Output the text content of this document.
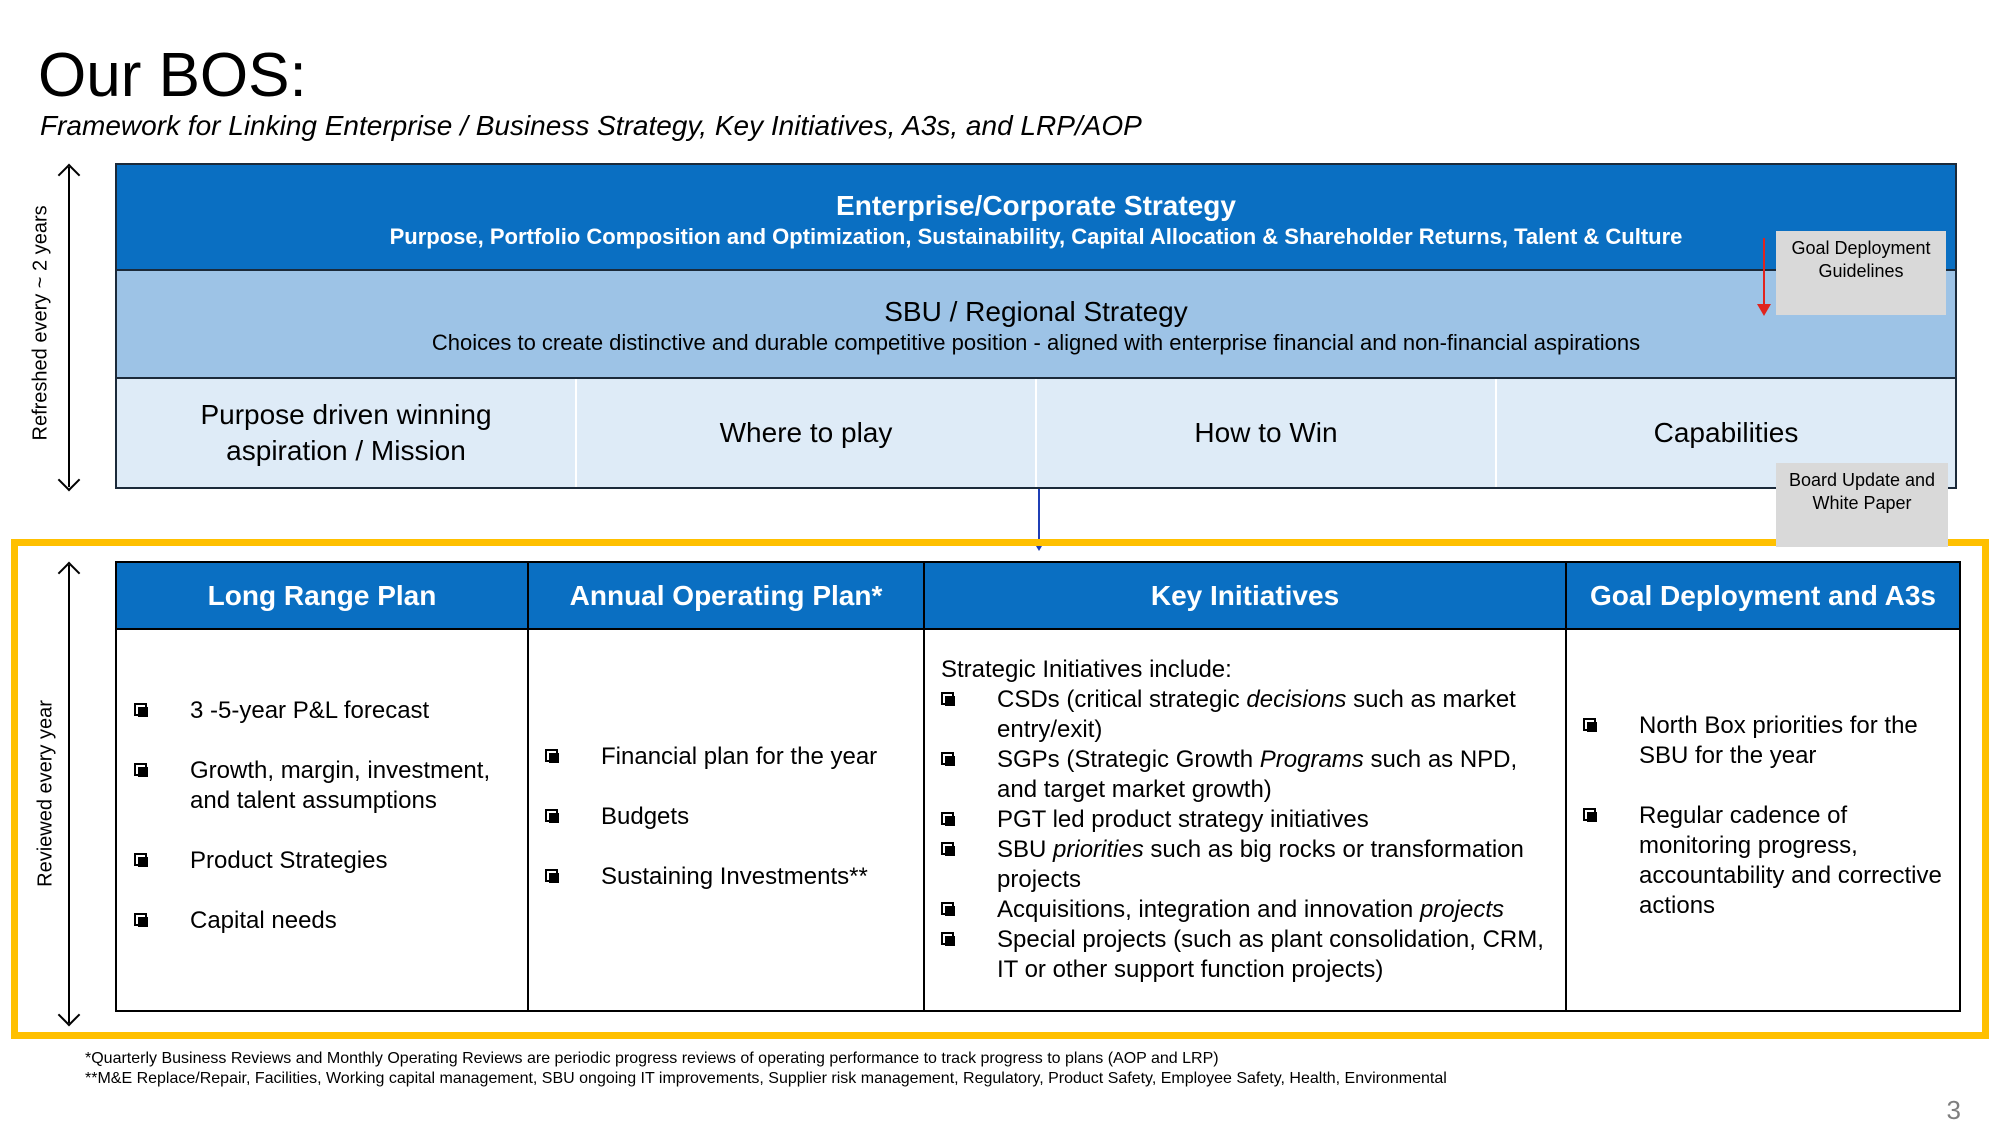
Our BOS:
Framework for Linking Enterprise / Business Strategy, Key Initiatives, A3s, and LRP/AOP
Refreshed every ~ 2 years
Reviewed every year
Enterprise/Corporate Strategy
Purpose, Portfolio Composition and Optimization, Sustainability, Capital Allocation & Shareholder Returns, Talent & Culture
SBU / Regional Strategy
Choices to create distinctive and durable competitive position - aligned with enterprise financial and non-financial aspirations
Purpose driven winning aspiration / Mission
Where to play	How to Win	Capabilities
Goal Deployment Guidelines
Board Update and White Paper
Long Range Plan
3 -5-year P&L forecast
Growth, margin, investment, and talent assumptions
Product Strategies
Capital needs
Annual Operating Plan*
Financial plan for the year
Budgets
Sustaining Investments**
Key Initiatives
Strategic Initiatives include:
CSDs (critical strategic decisions such as market entry/exit)
SGPs (Strategic Growth Programs such as NPD, and target market growth)
PGT led product strategy initiatives
SBU priorities such as big rocks or transformation projects
Acquisitions, integration and innovation projects
Special projects (such as plant consolidation, CRM, IT or other support function projects)
Goal Deployment and A3s
North Box priorities for the SBU for the year
Regular cadence of monitoring progress, accountability and corrective actions
*Quarterly Business Reviews and Monthly Operating Reviews are periodic progress reviews of operating performance to track progress to plans (AOP and LRP)
**M&E Replace/Repair, Facilities, Working capital management, SBU ongoing IT improvements, Supplier risk management, Regulatory, Product Safety, Employee Safety, Health, Environmental
3
